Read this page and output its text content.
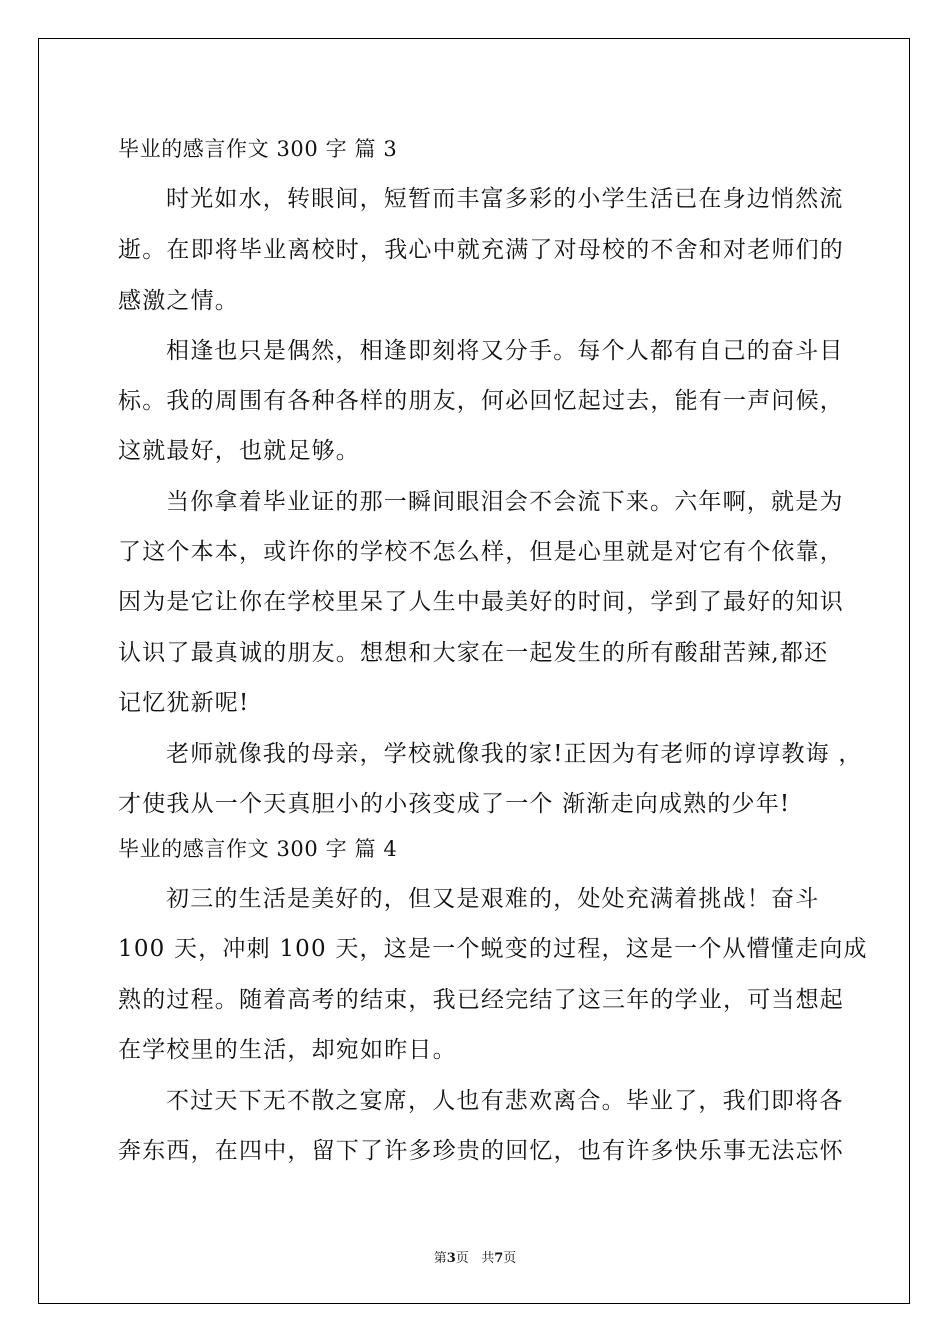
毕业的感言作文 300 字 篇 3
时光如水，转眼间，短暂而丰富多彩的小学生活已在身边悄然流
逝。在即将毕业离校时，我心中就充满了对母校的不舍和对老师们的
感激之情。
相逢也只是偶然，相逢即刻将又分手。每个人都有自己的奋斗目
标。我的周围有各种各样的朋友，何必回忆起过去，能有一声问候，
这就最好，也就足够。
当你拿着毕业证的那一瞬间眼泪会不会流下来。六年啊，就是为
了这个本本，或许你的学校不怎么样，但是心里就是对它有个依靠，
因为是它让你在学校里呆了人生中最美好的时间，学到了最好的知识
认识了最真诚的朋友。想想和大家在一起发生的所有酸甜苦辣,都还
记忆犹新呢!
老师就像我的母亲，学校就像我的家!正因为有老师的谆谆教诲 ，
才使我从一个天真胆小的小孩变成了一个 渐渐走向成熟的少年!
毕业的感言作文 300 字 篇 4
初三的生活是美好的，但又是艰难的，处处充满着挑战！奋斗
100 天，冲刺 100 天，这是一个蜕变的过程，这是一个从懵懂走向成
熟的过程。随着高考的结束，我已经完结了这三年的学业，可当想起
在学校里的生活，却宛如昨日。
不过天下无不散之宴席，人也有悲欢离合。毕业了，我们即将各
奔东西，在四中，留下了许多珍贵的回忆，也有许多快乐事无法忘怀
第3页 共7页
